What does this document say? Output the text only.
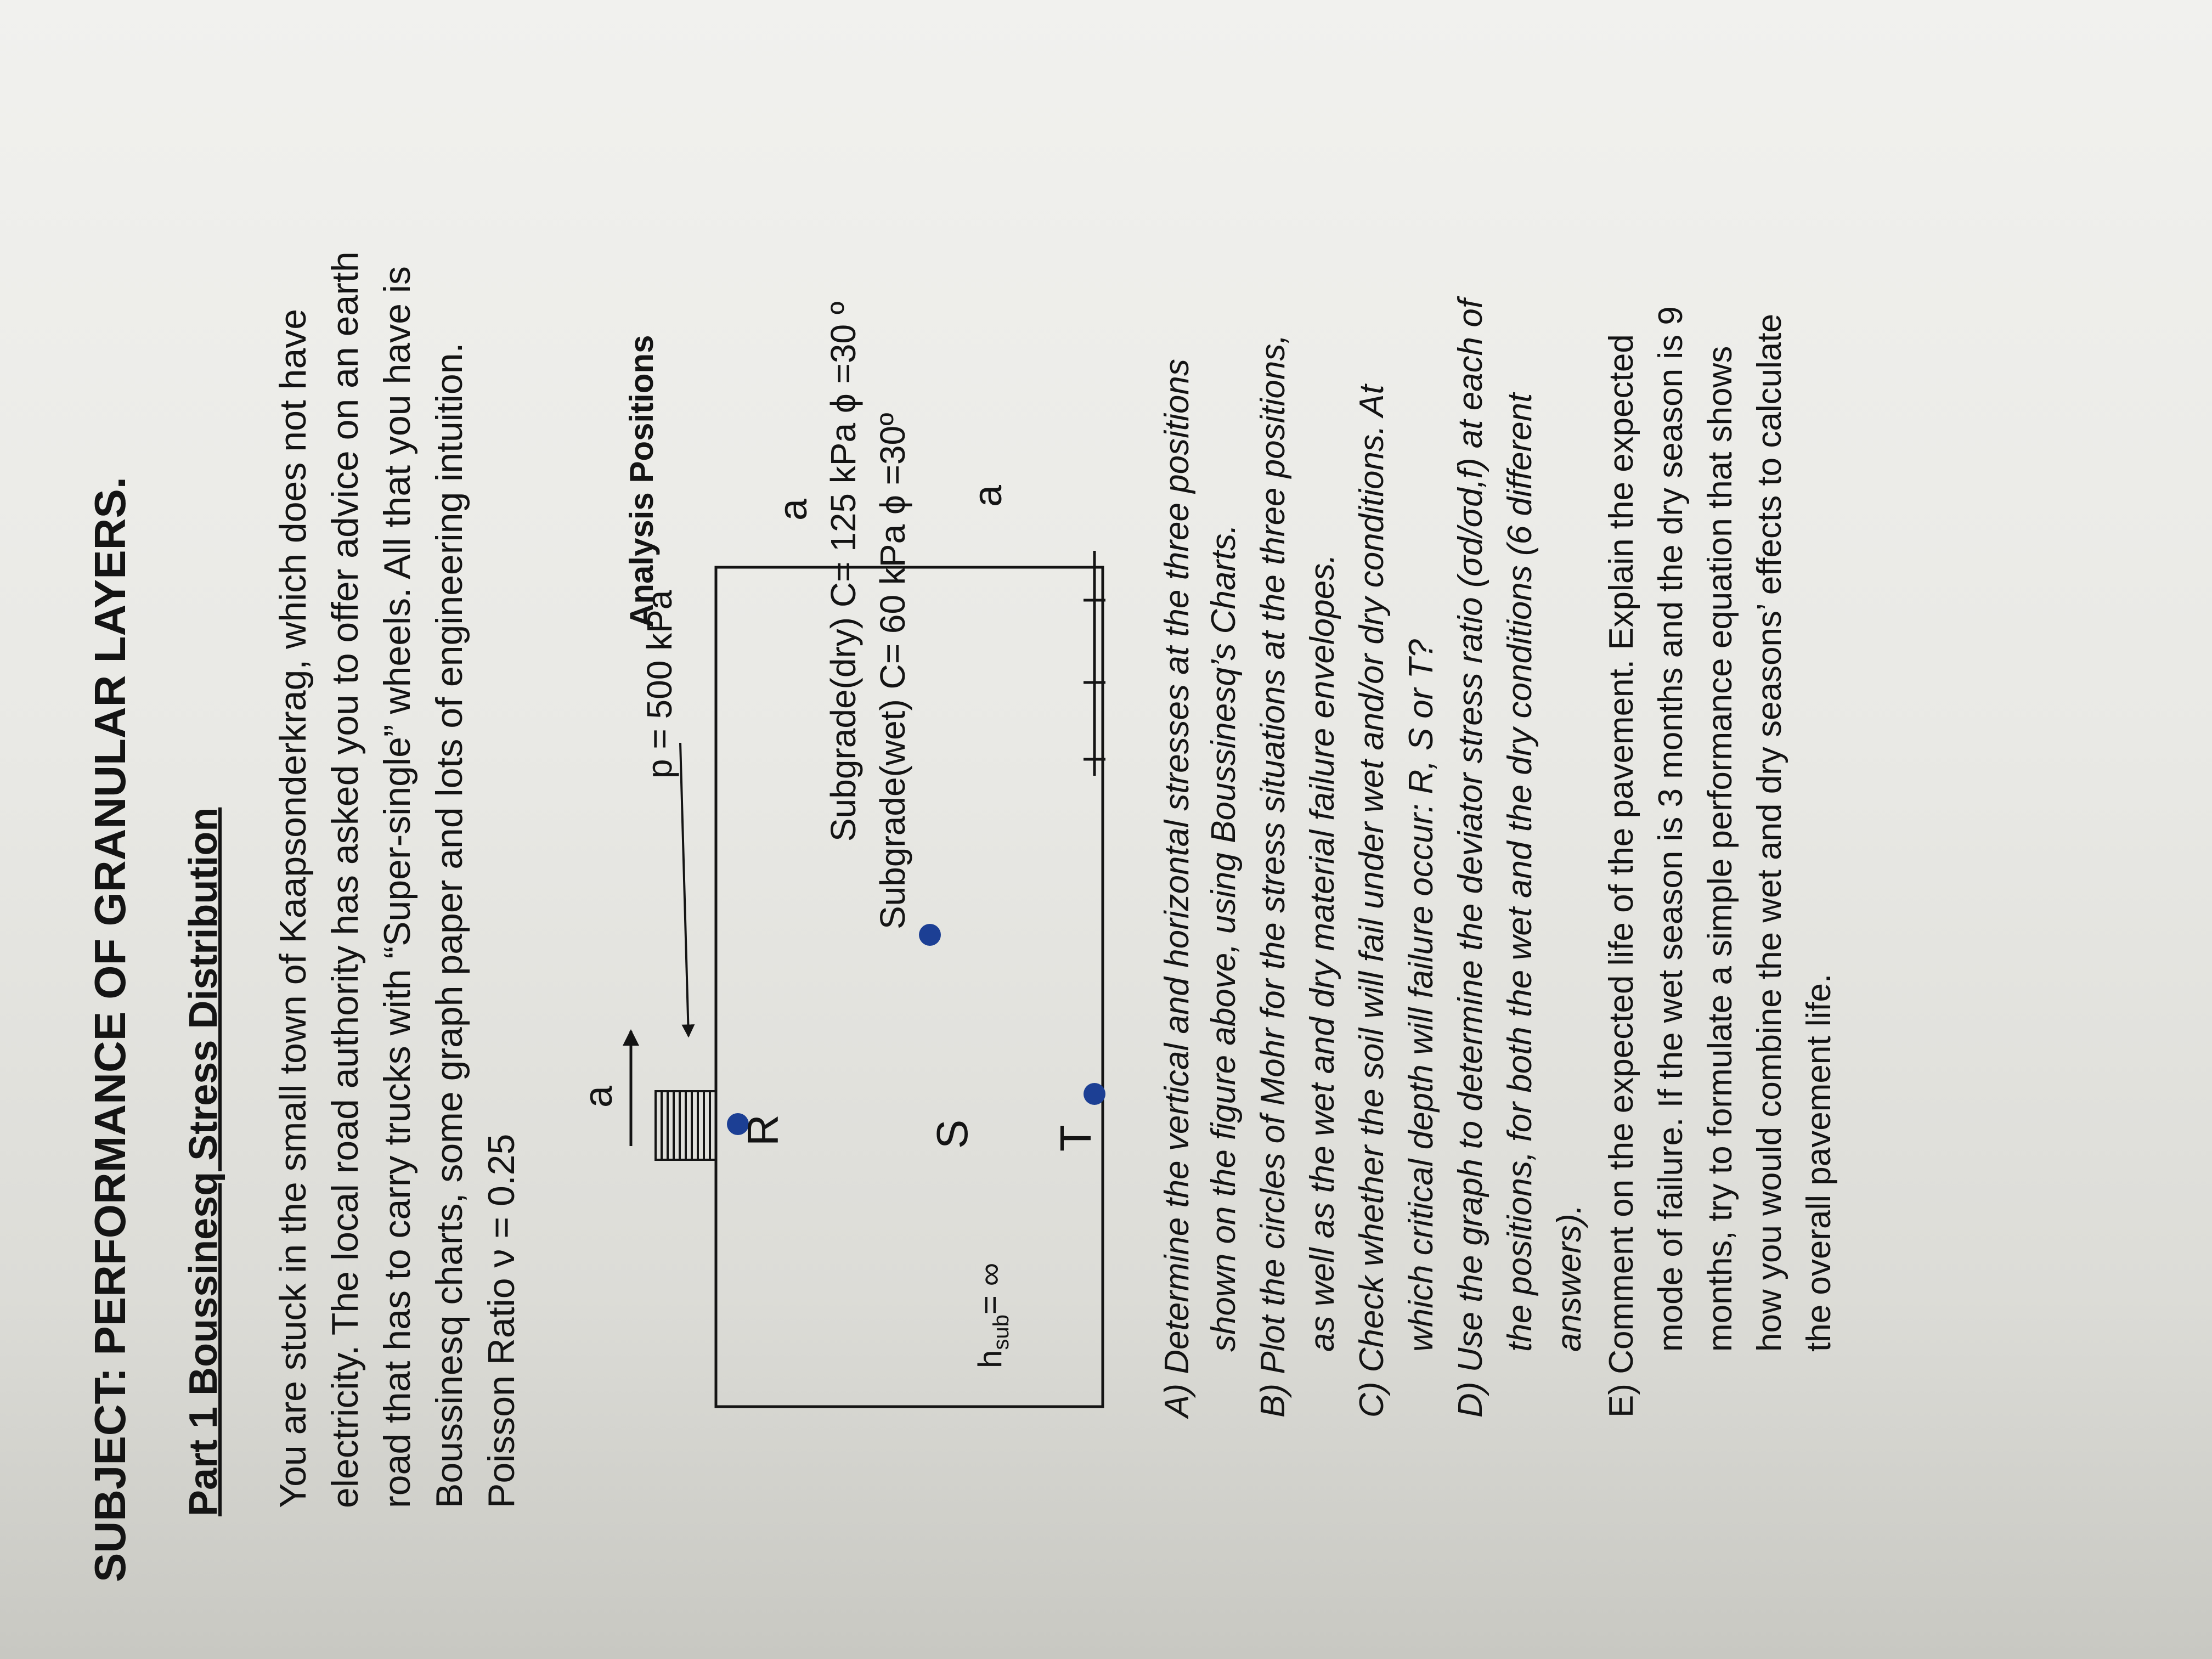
SUBJECT: PERFORMANCE OF GRANULAR LAYERS. Part 1 Boussinesq Stress Distribution You are stuck in the small town of Kaapsonderkrag, which does not have electricity. The local road authority has asked you to offer advice on an earth road that has to carry trucks with “Super-single” wheels. All that you have is Boussinesq charts, some graph paper and lots of engineering intuition. Poisson Ratio ν = 0.25
a
p = 500 kPa
Analysis Positions	a
a
R	S T
Subgrade(dry) C= 125 kPa ϕ =30 º Subgrade(wet) C= 60 kPa ϕ =30º
$h_{sub}=$ ∞	A) Determine the vertical and horizontal stresses at the three positions shown on the figure above, using Boussinesq’s Charts. B) Plot the circles of Mohr for the stress situations at the three positions, as well as the wet and dry material failure envelopes. C) Check whether the soil will fail under wet and/or dry conditions. At which critical depth will failure occur: R, S or T? D) Use the graph to determine the deviator stress ratio (σd/σd,f) at each of the positions, for both the wet and the dry conditions (6 different answers). E) Comment on the expected life of the pavement. Explain the expected mode of failure. If the wet season is 3 months and the dry season is 9 months, try to formulate a simple performance equation that shows how you would combine the wet and dry seasons’ effects to calculate the overall pavement life.
